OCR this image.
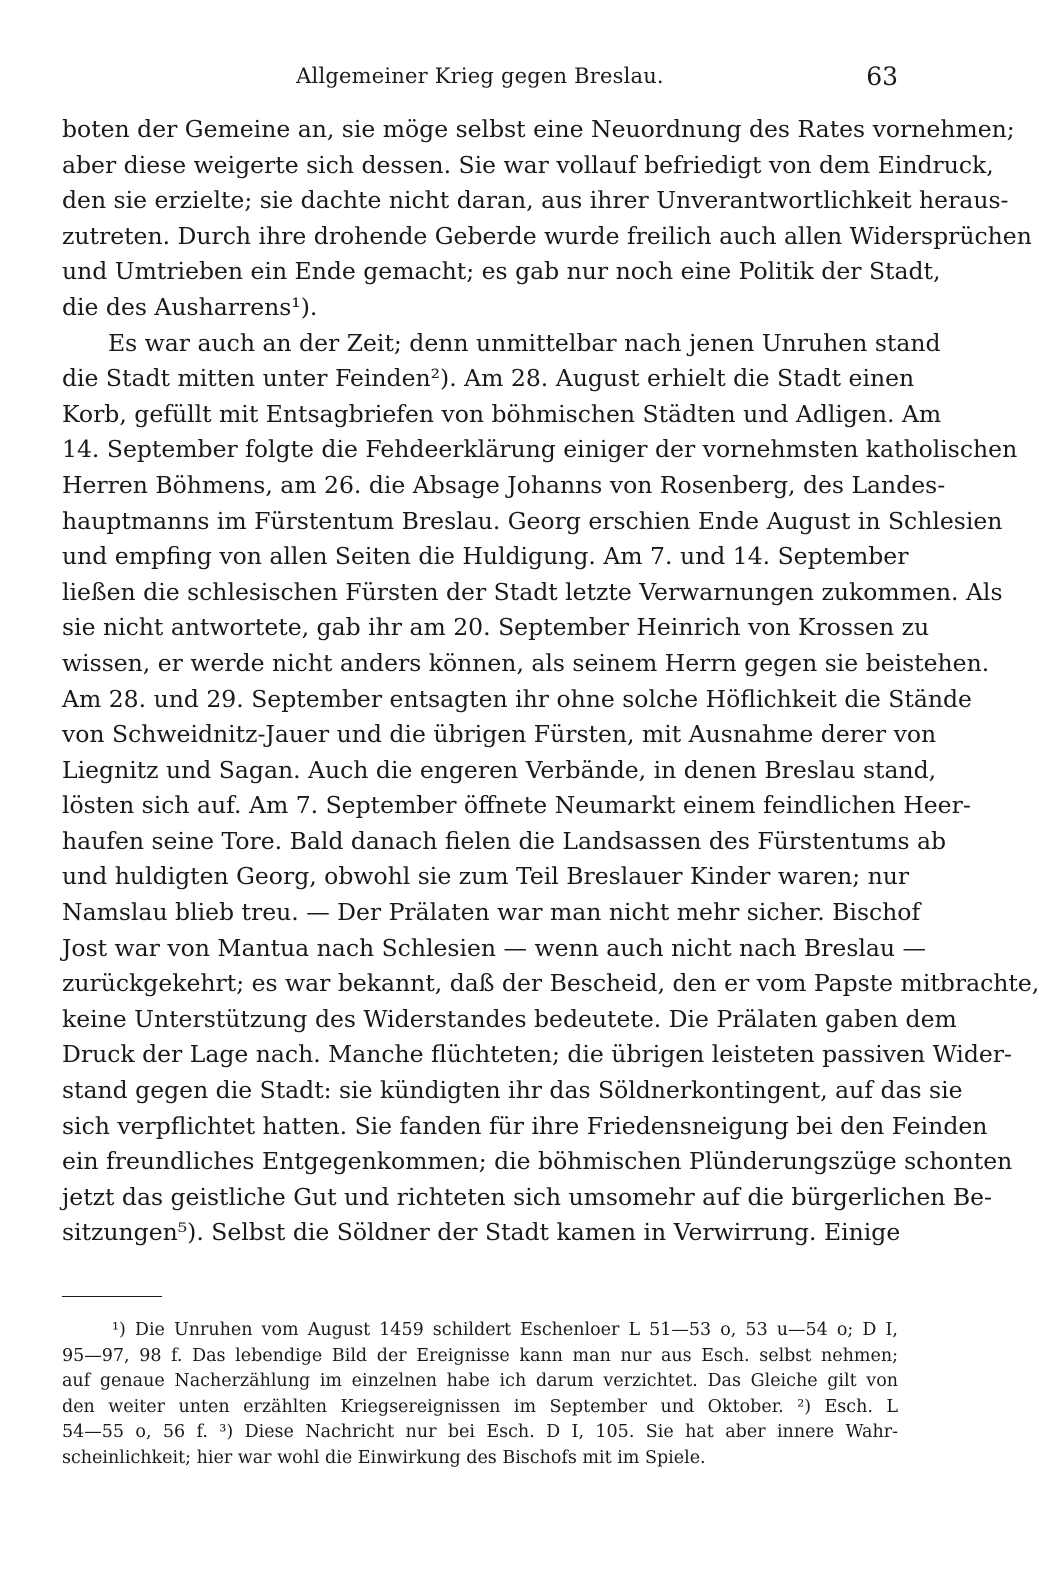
Allgemeiner Krieg gegen Breslau.	63
boten der Gemeine an, sie möge selbst eine Neuordnung des Rates vornehmen;
aber diese weigerte sich dessen. Sie war vollauf befriedigt von dem Eindruck,
den sie erzielte; sie dachte nicht daran, aus ihrer Unverantwortlichkeit heraus-
zutreten. Durch ihre drohende Geberde wurde freilich auch allen Widersprüchen
und Umtrieben ein Ende gemacht; es gab nur noch eine Politik der Stadt,
die des Ausharrens¹).
Es war auch an der Zeit; denn unmittelbar nach jenen Unruhen stand
die Stadt mitten unter Feinden²). Am 28. August erhielt die Stadt einen
Korb, gefüllt mit Entsagbriefen von böhmischen Städten und Adligen. Am
14. September folgte die Fehdeerklärung einiger der vornehmsten katholischen
Herren Böhmens, am 26. die Absage Johanns von Rosenberg, des Landes-
hauptmanns im Fürstentum Breslau. Georg erschien Ende August in Schlesien
und empfing von allen Seiten die Huldigung. Am 7. und 14. September
ließen die schlesischen Fürsten der Stadt letzte Verwarnungen zukommen. Als
sie nicht antwortete, gab ihr am 20. September Heinrich von Krossen zu
wissen, er werde nicht anders können, als seinem Herrn gegen sie beistehen.
Am 28. und 29. September entsagten ihr ohne solche Höflichkeit die Stände
von Schweidnitz-Jauer und die übrigen Fürsten, mit Ausnahme derer von
Liegnitz und Sagan. Auch die engeren Verbände, in denen Breslau stand,
lösten sich auf. Am 7. September öffnete Neumarkt einem feindlichen Heer-
haufen seine Tore. Bald danach fielen die Landsassen des Fürstentums ab
und huldigten Georg, obwohl sie zum Teil Breslauer Kinder waren; nur
Namslau blieb treu. — Der Prälaten war man nicht mehr sicher. Bischof
Jost war von Mantua nach Schlesien — wenn auch nicht nach Breslau —
zurückgekehrt; es war bekannt, daß der Bescheid, den er vom Papste mitbrachte,
keine Unterstützung des Widerstandes bedeutete. Die Prälaten gaben dem
Druck der Lage nach. Manche flüchteten; die übrigen leisteten passiven Wider-
stand gegen die Stadt: sie kündigten ihr das Söldnerkontingent, auf das sie
sich verpflichtet hatten. Sie fanden für ihre Friedensneigung bei den Feinden
ein freundliches Entgegenkommen; die böhmischen Plünderungszüge schonten
jetzt das geistliche Gut und richteten sich umsomehr auf die bürgerlichen Be-
sitzungen⁵). Selbst die Söldner der Stadt kamen in Verwirrung. Einige
¹) Die Unruhen vom August 1459 schildert Eschenloer L 51—53 o, 53 u—54 o; D I,
95—97, 98 f. Das lebendige Bild der Ereignisse kann man nur aus Esch. selbst nehmen;
auf genaue Nacherzählung im einzelnen habe ich darum verzichtet. Das Gleiche gilt von
den weiter unten erzählten Kriegsereignissen im September und Oktober. ²) Esch. L
54—55 o, 56 f. ³) Diese Nachricht nur bei Esch. D I, 105. Sie hat aber innere Wahr-
scheinlichkeit; hier war wohl die Einwirkung des Bischofs mit im Spiele.
